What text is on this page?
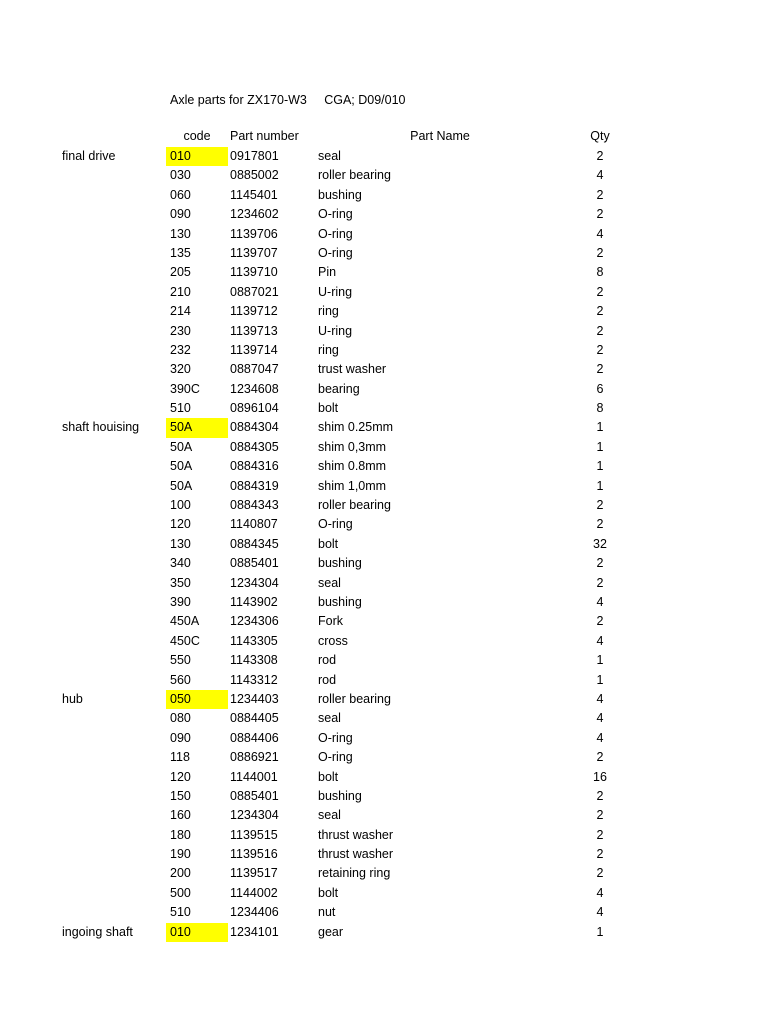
Axle parts for ZX170-W3     CGA; D09/010
code	Part number	Part Name	Qty
final drive	010	0917801	seal	2
030	0885002	roller bearing	4
060	1145401	bushing	2
090	1234602	O-ring	2
130	1139706	O-ring	4
135	1139707	O-ring	2
205	1139710	Pin	8
210	0887021	U-ring	2
214	1139712	ring	2
230	1139713	U-ring	2
232	1139714	ring	2
320	0887047	trust washer	2
390C	1234608	bearing	6
510	0896104	bolt	8
shaft houising	50A	0884304	shim 0.25mm	1
50A	0884305	shim 0,3mm	1
50A	0884316	shim 0.8mm	1
50A	0884319	shim 1,0mm	1
100	0884343	roller bearing	2
120	1140807	O-ring	2
130	0884345	bolt	32
340	0885401	bushing	2
350	1234304	seal	2
390	1143902	bushing	4
450A	1234306	Fork	2
450C	1143305	cross	4
550	1143308	rod	1
560	1143312	rod	1
hub	050	1234403	roller bearing	4
080	0884405	seal	4
090	0884406	O-ring	4
118	0886921	O-ring	2
120	1144001	bolt	16
150	0885401	bushing	2
160	1234304	seal	2
180	1139515	thrust washer	2
190	1139516	thrust washer	2
200	1139517	retaining ring	2
500	1144002	bolt	4
510	1234406	nut	4
ingoing shaft	010	1234101	gear	1
